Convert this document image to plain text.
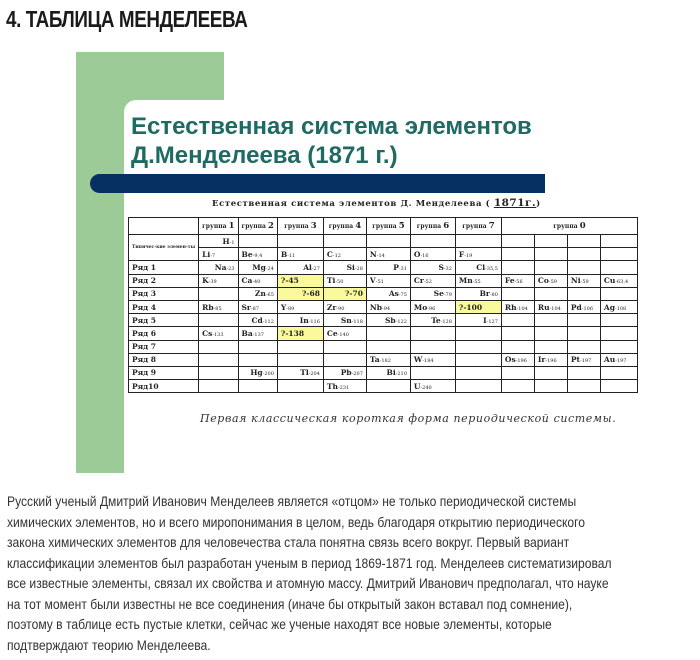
4. ТАБЛИЦА МЕНДЕЛЕЕВА
Естественная система элементов
Д.Менделеева (1871 г.)
Естественная система элементов Д. Менделеева ( 1871г.)
	группа 1	группа 2	группа 3	группа 4	группа 5	группа 6	группа 7	группа 0			
Типичес-кие элемен-ты	H-1										
	Li-7	Be-9,4	B-11	C-12	N-14	O-16	F-19				
Ряд 1	Na-23	Mg-24	Al-27	Si-28	P-31	S-32	Cl-35,5				
Ряд 2	K-39	Ca-40	?-45	Ti-50	V-51	Cr-52	Mn-55	Fe-56	Co-59	Ni-59	Cu-63,4
Ряд 3		Zn-65	?-68	?-70	As-75	Se-79	Br-80				
Ряд 4	Rb-85	Sr-87	Y-89	Zr-90	Nb-94	Mo-96	?-100	Rh-104	Ru-104	Pd-106	Ag-108
Ряд 5		Cd-112	In-116	Sn-118	Sb-122	Te-128	I-127				
Ряд 6	Cs-133	Ba-137	?-138	Ce-140							
Ряд 7											
Ряд 8					Ta-182	W-184		Os-196	Ir-196	Pt-197	Au-197
Ряд 9		Hg-200	Tl-204	Pb-207	Bi-210						
Ряд10				Th-231		U-240					
Первая классическая короткая форма периодической системы.
Русский ученый Дмитрий Иванович Менделеев является «отцом» не только периодической системы
химических элементов, но и всего миропонимания в целом, ведь благодаря открытию периодического
закона химических элементов для человечества стала понятна связь всего вокруг. Первый вариант
классификации элементов был разработан ученым в период 1869-1871 год. Менделеев систематизировал
все известные элементы, связал их свойства и атомную массу. Дмитрий Иванович предполагал, что науке
на тот момент были известны не все соединения (иначе бы открытый закон вставал под сомнение),
поэтому в таблице есть пустые клетки, сейчас же ученые находят все новые элементы, которые
подтверждают теорию Менделеева.
